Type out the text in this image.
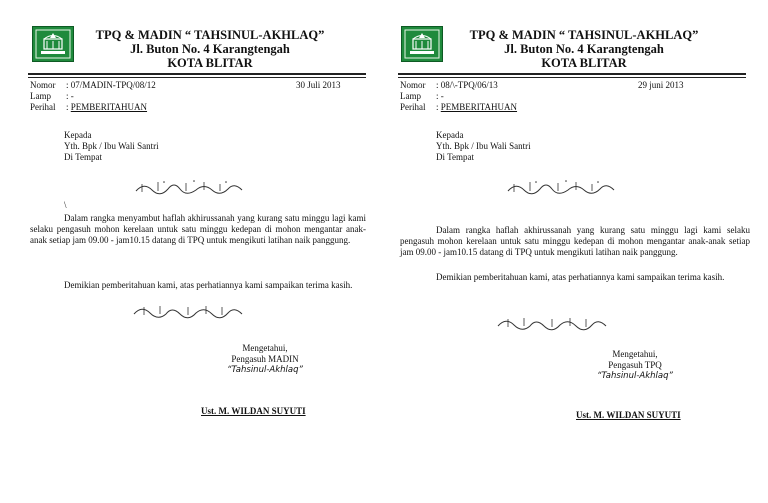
TPQ & MADIN “ TAHSINUL-AKHLAQ”
Jl. Buton No. 4 Karangtengah
KOTA BLITAR
Nomor : 07/MADIN-TPQ/08/12	30 Juli 2013
Lamp : -
Perihal : PEMBERITAHUAN
Kepada
Yth. Bpk / Ibu Wali Santri
Di Tempat
\
Dalam rangka menyambut haflah akhirussanah yang kurang satu minggu lagi kami selaku pengasuh mohon kerelaan untuk satu minggu kedepan di mohon mengantar anak-anak setiap jam 09.00 - jam10.15 datang di TPQ untuk mengikuti latihan naik panggung.
Demikian pemberitahuan kami, atas perhatiannya kami sampaikan terima kasih.
Mengetahui,
Pengasuh MADIN
“Tahsinul-Akhlaq”
Ust. M. WILDAN SUYUTI
TPQ & MADIN “ TAHSINUL-AKHLAQ”
Jl. Buton No. 4 Karangtengah
KOTA BLITAR
Nomor : 08/\-TPQ/06/13	29 juni 2013
Lamp : -
Perihal : PEMBERITAHUAN
Kepada
Yth. Bpk / Ibu Wali Santri
Di Tempat
Dalam rangka haflah akhirussanah yang kurang satu minggu lagi kami selaku pengasuh mohon kerelaan untuk satu minggu kedepan di mohon mengantar anak-anak setiap jam 09.00 - jam10.15 datang di TPQ untuk mengikuti latihan naik panggung.
Demikian pemberitahuan kami, atas perhatiannya kami sampaikan terima kasih.
Mengetahui,
Pengasuh TPQ
“Tahsinul-Akhlaq”
Ust. M. WILDAN SUYUTI
